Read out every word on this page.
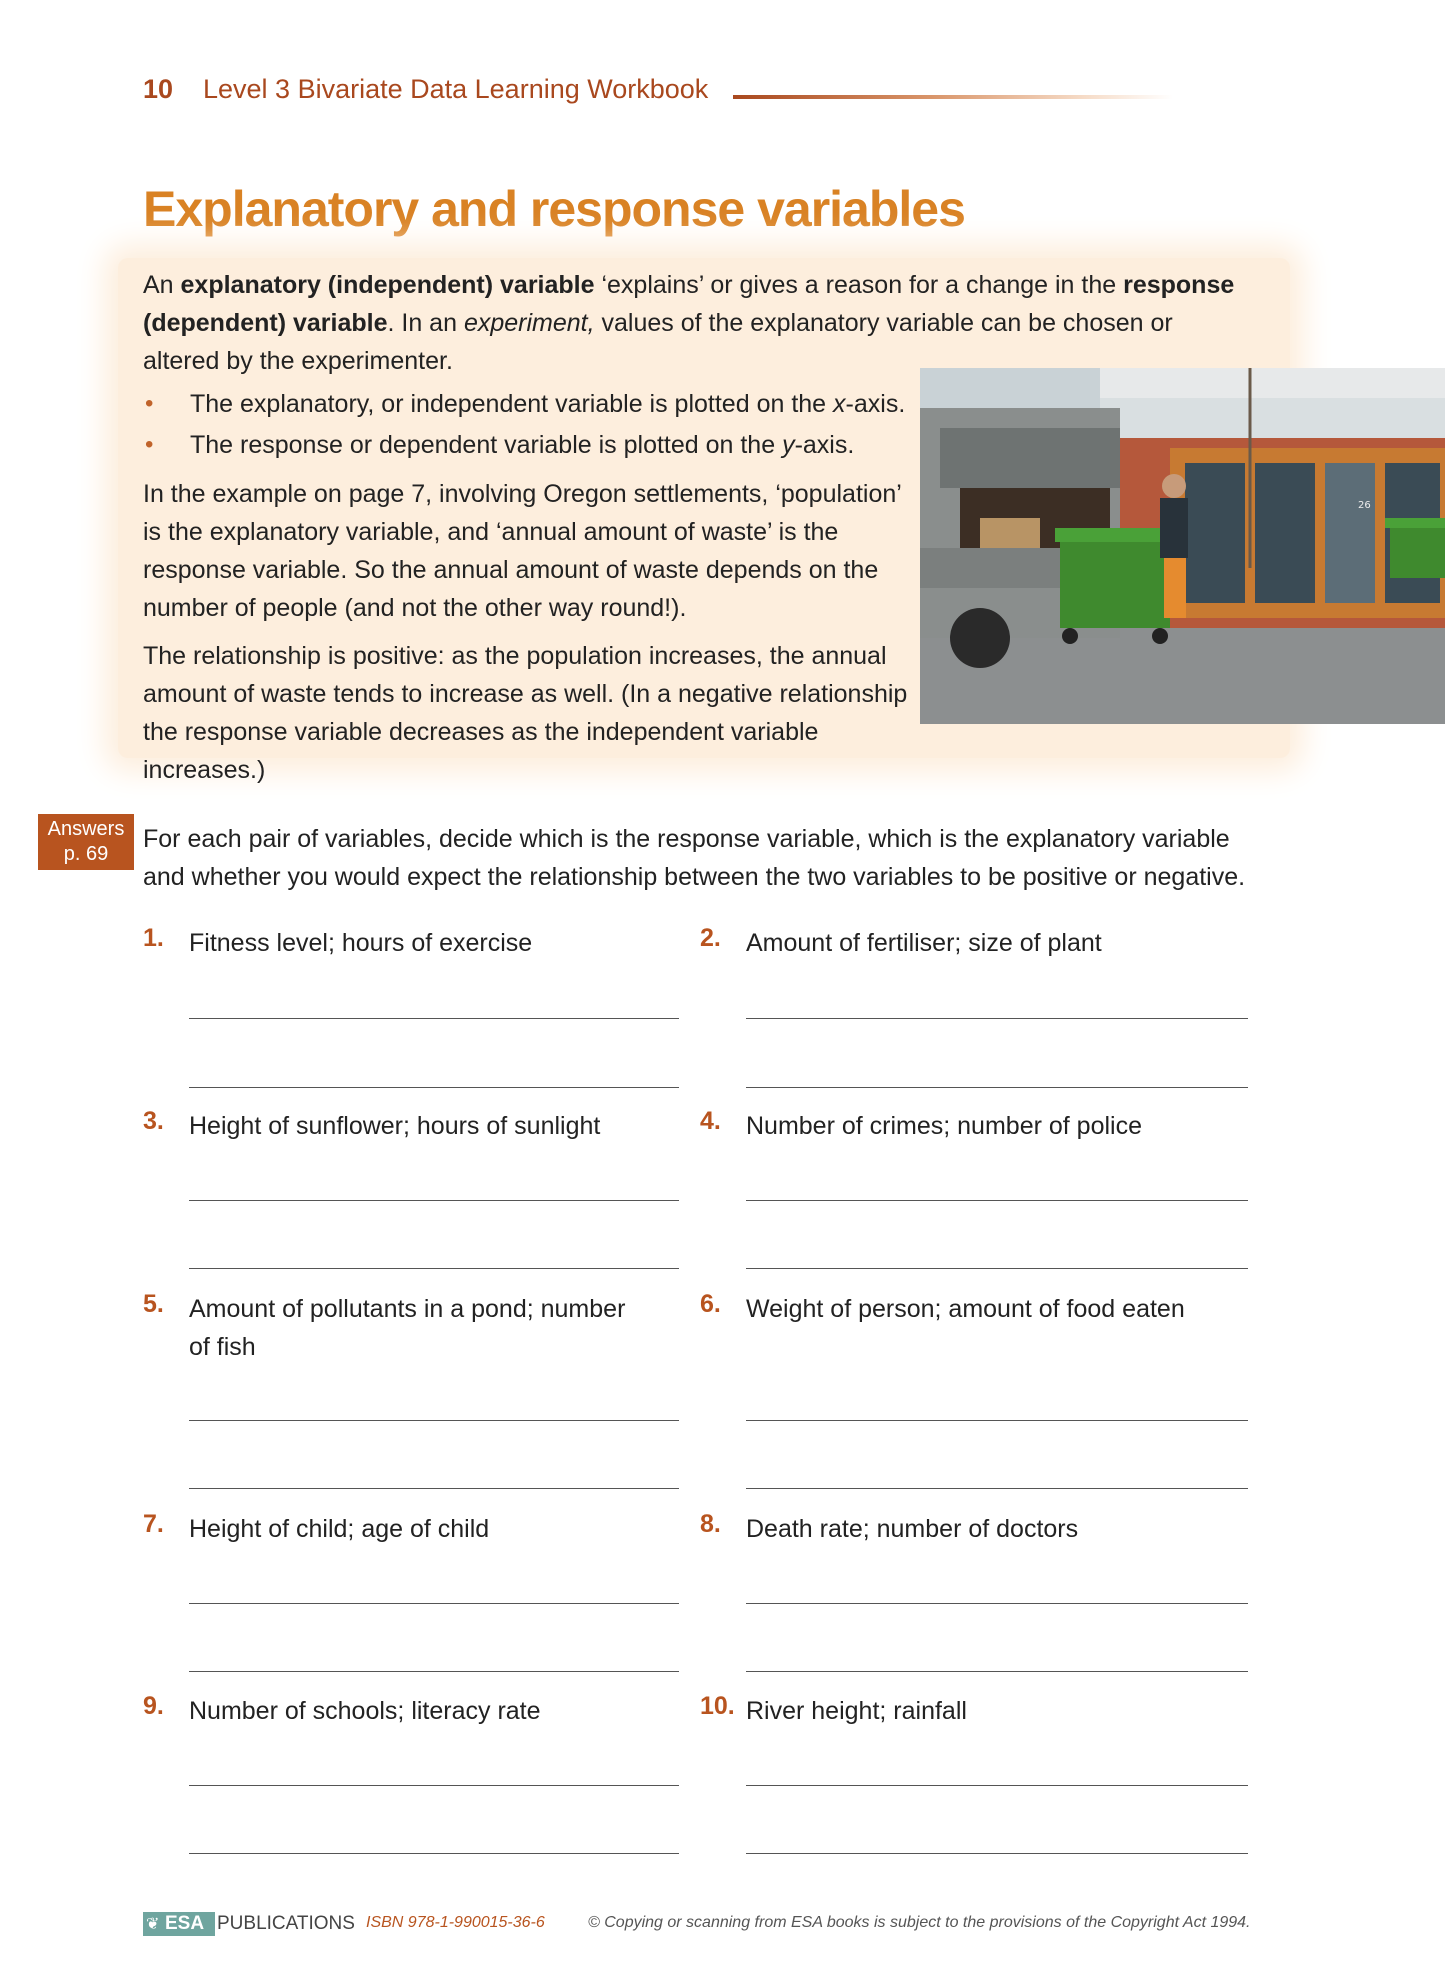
10 Level 3 Bivariate Data Learning Workbook
Explanatory and response variables
An explanatory (independent) variable ‘explains’ or gives a reason for a change in the response (dependent) variable. In an experiment, values of the explanatory variable can be chosen or altered by the experimenter.
• The explanatory, or independent variable is plotted on the x-axis.
• The response or dependent variable is plotted on the y-axis.
In the example on page 7, involving Oregon settlements, ‘population’ is the explanatory variable, and ‘annual amount of waste’ is the response variable. So the annual amount of waste depends on the number of people (and not the other way round!).
The relationship is positive: as the population increases, the annual amount of waste tends to increase as well. (In a negative relationship the response variable decreases as the independent variable increases.)
26
Answers
p. 69
For each pair of variables, decide which is the response variable, which is the explanatory variable and whether you would expect the relationship between the two variables to be positive or negative.
1. Fitness level; hours of exercise	2. Amount of fertiliser; size of plant
3. Height of sunflower; hours of sunlight	4. Number of crimes; number of police
5. Amount of pollutants in a pond; number of fish
6. Weight of person; amount of food eaten
7. Height of child; age of child	8. Death rate; number of doctors
9. Number of schools; literacy rate	10. River height; rainfall
❦ ESA PUBLICATIONS ISBN 978-1-990015-36-6	© Copying or scanning from ESA books is subject to the provisions of the Copyright Act 1994.
